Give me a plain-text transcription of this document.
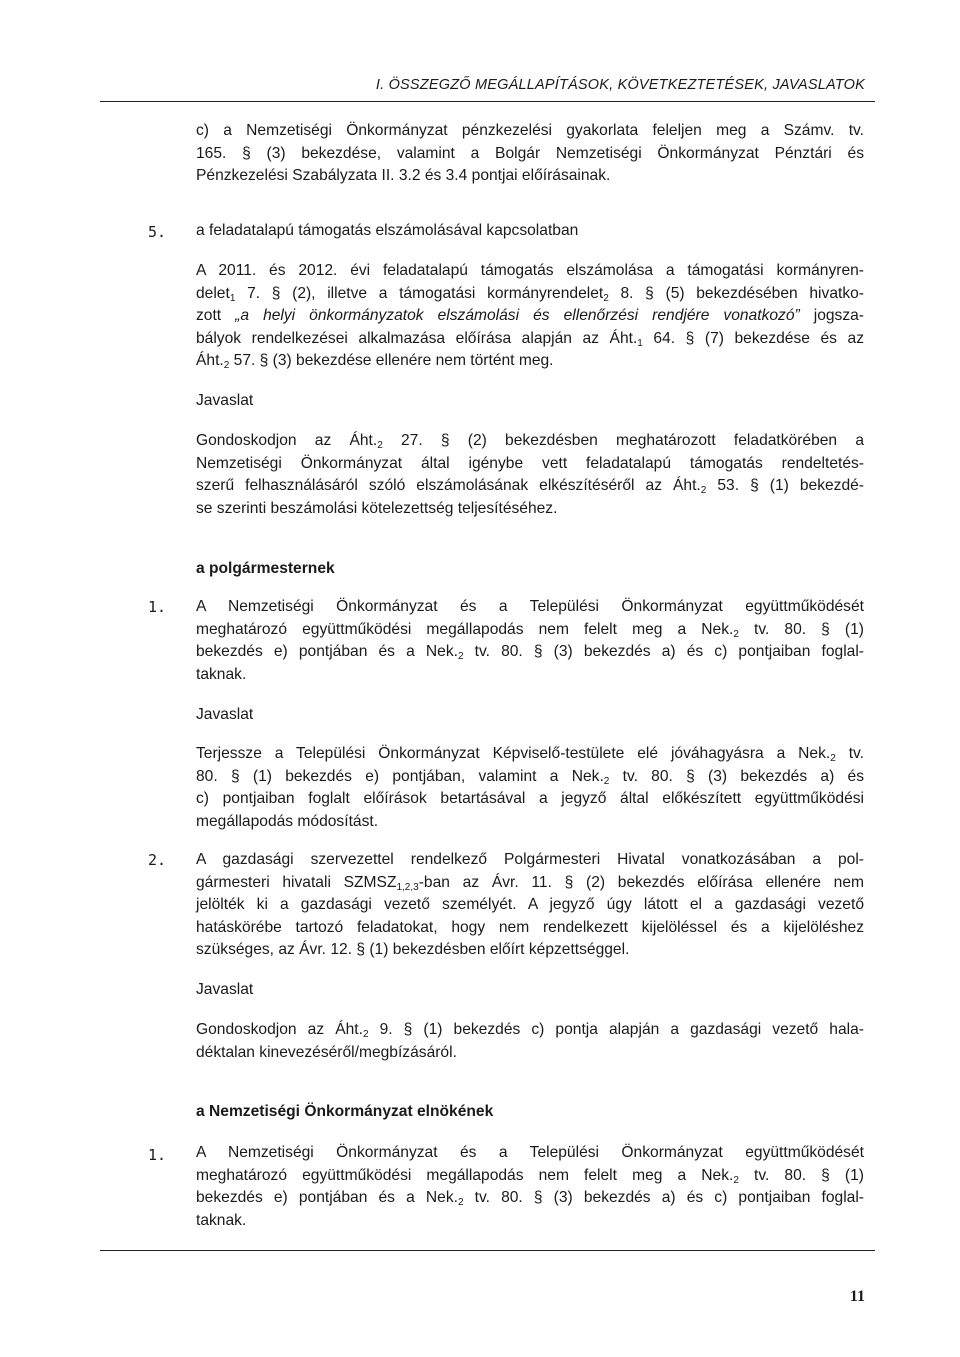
I. ÖSSZEGZŐ MEGÁLLAPÍTÁSOK, KÖVETKEZTETÉSEK, JAVASLATOK
c) a Nemzetiségi Önkormányzat pénzkezelési gyakorlata feleljen meg a Számv. tv.
165. § (3) bekezdése, valamint a Bolgár Nemzetiségi Önkormányzat Pénztári és
Pénzkezelési Szabályzata II. 3.2 és 3.4 pontjai előírásainak.
5. a feladatalapú támogatás elszámolásával kapcsolatban
A 2011. és 2012. évi feladatalapú támogatás elszámolása a támogatási kormányren-
delet$_1$ 7. § (2), illetve a támogatási kormányrendelet$_2$ 8. § (5) bekezdésében hivatko-
zott „a helyi önkormányzatok elszámolási és ellenőrzési rendjére vonatkozó” jogsza-
bályok rendelkezései alkalmazása előírása alapján az $Áht._1$ 64. § (7) bekezdése és az
$Áht._2$ 57. § (3) bekezdése ellenére nem történt meg.
Javaslat
Gondoskodjon az $Áht._2$ 27. § (2) bekezdésben meghatározott feladatkörében a
Nemzetiségi Önkormányzat által igénybe vett feladatalapú támogatás rendeltetés-
szerű felhasználásáról szóló elszámolásának elkészítéséről az $Áht._2$ 53. § (1) bekezdé-
se szerinti beszámolási kötelezettség teljesítéséhez.
a polgármesternek
1. A Nemzetiségi Önkormányzat és a Települési Önkormányzat együttműködését
meghatározó együttműködési megállapodás nem felelt meg a $Nek._2$ tv. 80. § (1)
bekezdés e) pontjában és a $Nek._2$ tv. 80. § (3) bekezdés a) és c) pontjaiban foglal-
taknak.
Javaslat
Terjessze a Települési Önkormányzat Képviselő-testülete elé jóváhagyásra a $Nek._2$ tv.
80. § (1) bekezdés e) pontjában, valamint a $Nek._2$ tv. 80. § (3) bekezdés a) és
c) pontjaiban foglalt előírások betartásával a jegyző által előkészített együttműködési
megállapodás módosítást.
2. A gazdasági szervezettel rendelkező Polgármesteri Hivatal vonatkozásában a pol-
gármesteri hivatali $SZMSZ_{1,2,3}$-ban az Ávr. 11. § (2) bekezdés előírása ellenére nem
jelölték ki a gazdasági vezető személyét. A jegyző úgy látott el a gazdasági vezető
hatáskörébe tartozó feladatokat, hogy nem rendelkezett kijelöléssel és a kijelöléshez
szükséges, az Ávr. 12. § (1) bekezdésben előírt képzettséggel.
Javaslat
Gondoskodjon az $Áht._2$ 9. § (1) bekezdés c) pontja alapján a gazdasági vezető hala-
déktalan kinevezéséről/megbízásáról.
a Nemzetiségi Önkormányzat elnökének
1. A Nemzetiségi Önkormányzat és a Települési Önkormányzat együttműködését
meghatározó együttműködési megállapodás nem felelt meg a $Nek._2$ tv. 80. § (1)
bekezdés e) pontjában és a $Nek._2$ tv. 80. § (3) bekezdés a) és c) pontjaiban foglal-
taknak.
11
